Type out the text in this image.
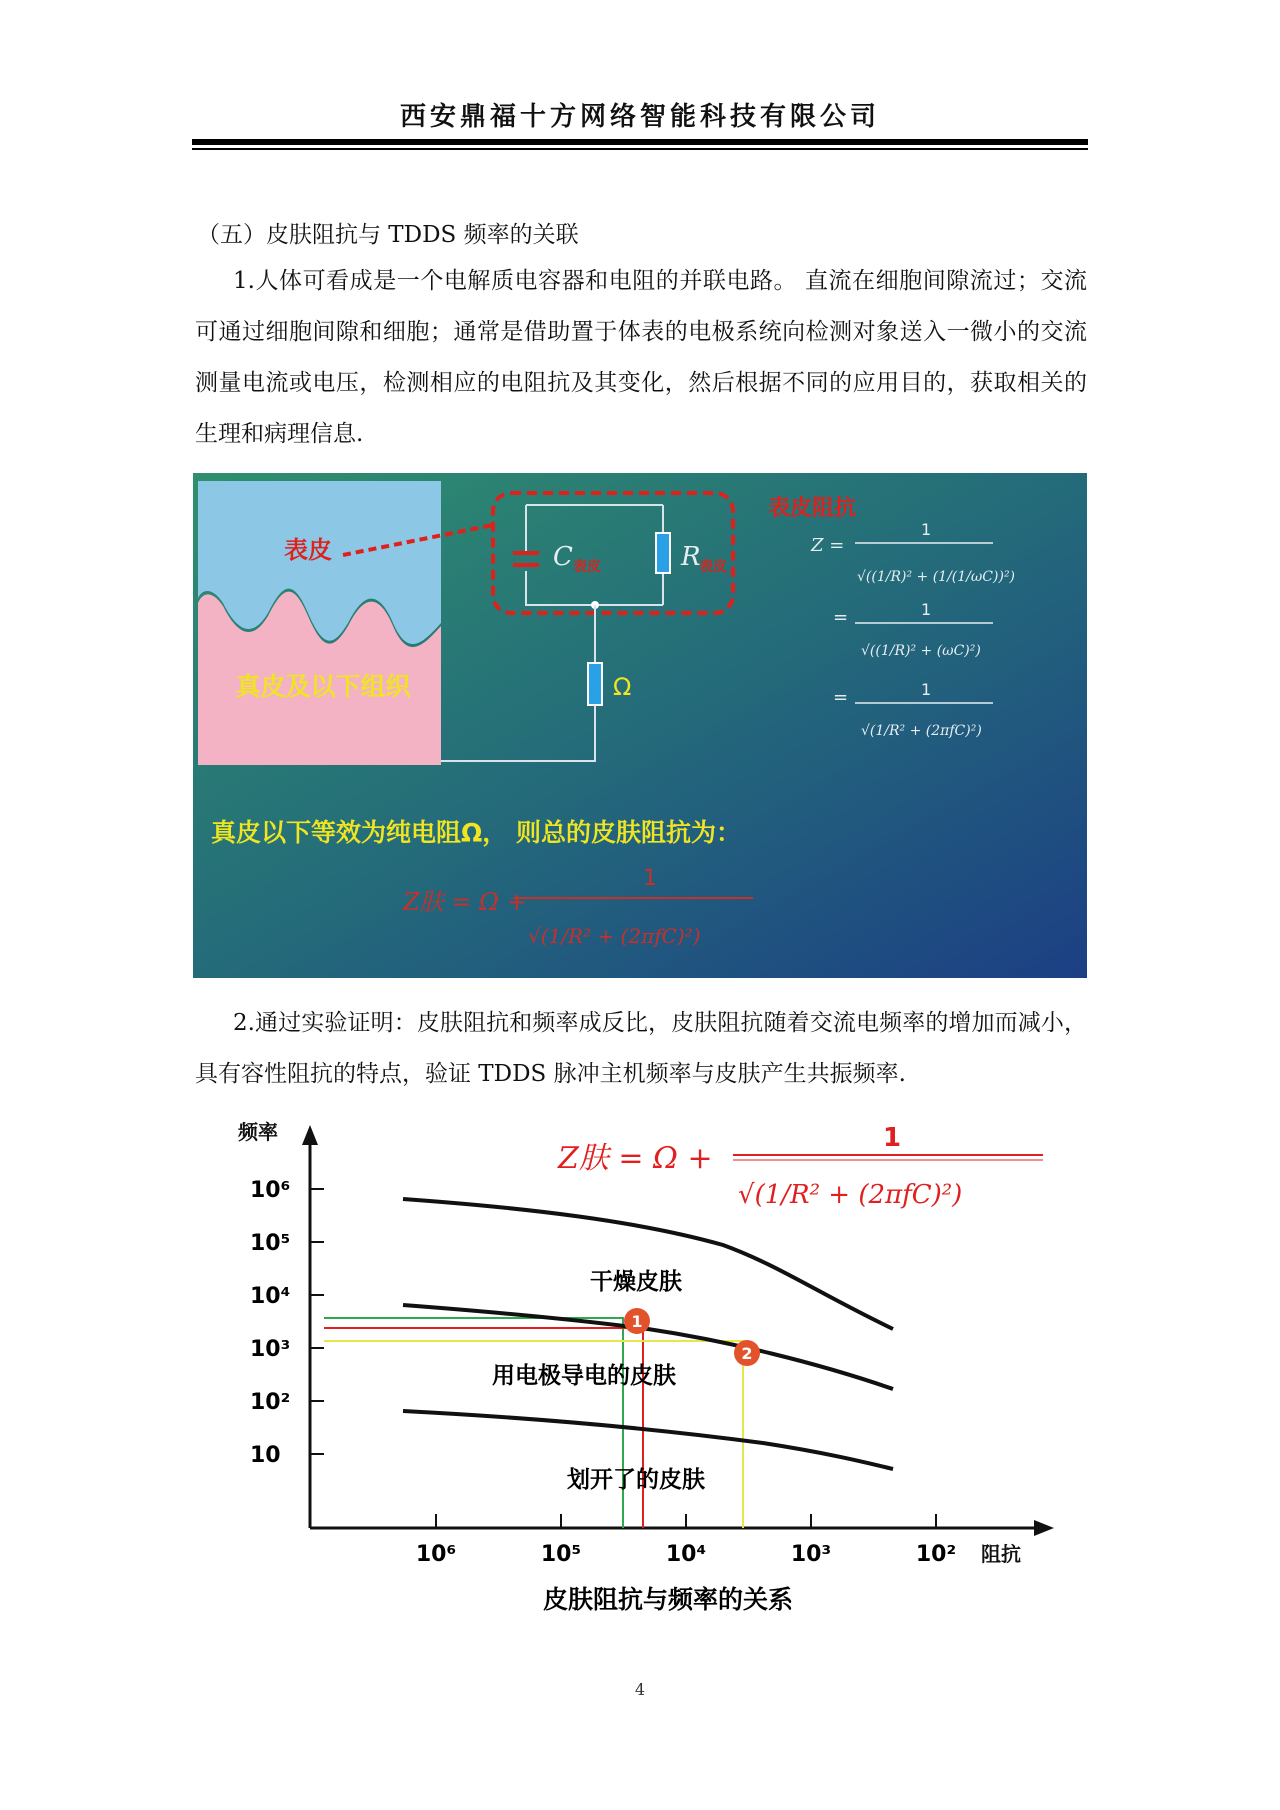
西安鼎福十方网络智能科技有限公司
（五）皮肤阻抗与 TDDS 频率的关联
1.人体可看成是一个电解质电容器和电阻的并联电路。 直流在细胞间隙流过；交流可通过细胞间隙和细胞；通常是借助置于体表的电极系统向检测对象送入一微小的交流测量电流或电压，检测相应的电阻抗及其变化，然后根据不同的应用目的，获取相关的生理和病理信息.
表皮
真皮及以下组织
C 表皮	R
表皮
Ω
表皮阻抗
Z =
1
√((1/R)² + (1/(1/ωC))²)
=	1
√((1/R)² + (ωC)²)
=	1
√(1/R² + (2πfC)²)
真皮以下等效为纯电阻Ω， 则总的皮肤阻抗为：
Z肤 = Ω +
1
√(1/R² + (2πfC)²)
2.通过实验证明：皮肤阻抗和频率成反比，皮肤阻抗随着交流电频率的增加而减小，具有容性阻抗的特点，验证 TDDS 脉冲主机频率与皮肤产生共振频率.
频率
阻抗
10⁶
10⁵
10⁴
10³
10²
10
10⁶	10⁵	10⁴	10³	10²
干燥皮肤
用电极导电的皮肤
划开了的皮肤
1
2
Z肤 = Ω +
1
√(1/R² + (2πfC)²)
皮肤阻抗与频率的关系
4
